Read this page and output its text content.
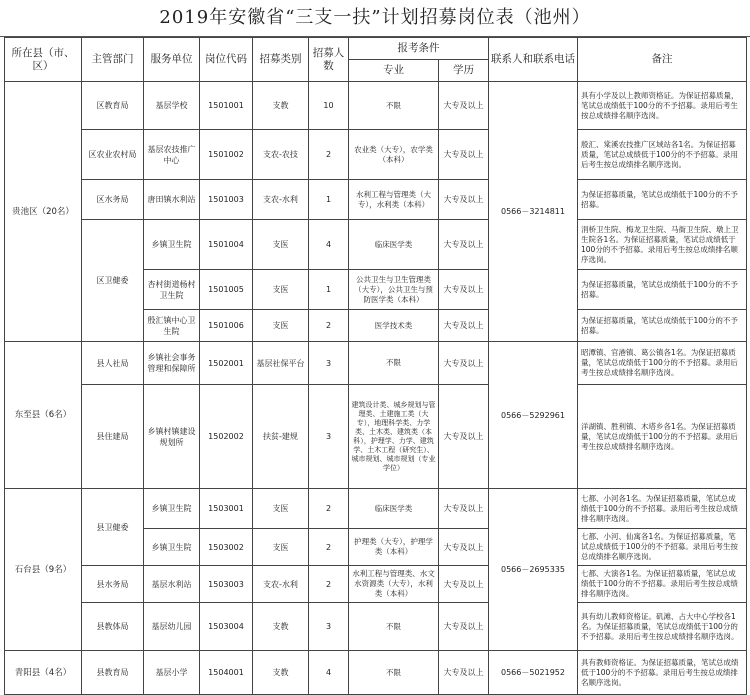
2019年安徽省“三支一扶”计划招募岗位表（池州）
所在县（市、区）	主管部门	服务单位	岗位代码	招募类别	招募人数	报考条件		联系人和联系电话	备注
						专业	学历		
贵池区（20名）	区教育局	基层学校	1501001	支教	10	不限	大专及以上	0566－3214811	具有小学及以上教师资格证。为保证招募质量，笔试总成绩低于100分的不予招募。录用后考生按总成绩排名顺序选岗。
	区农业农村局	基层农技推广中心	1501002	支农-农技	2	农业类（大专），农学类（本科）	大专及以上		殷汇、棠溪农技推广区域站各1名。为保证招募质量，笔试总成绩低于100分的不予招募。录用后考生按总成绩排名顺序选岗。
	区水务局	唐田镇水利站	1501003	支农-水利	1	水利工程与管理类（大专），水利类（本科）	大专及以上		为保证招募质量，笔试总成绩低于100分的不予招募。
	区卫健委	乡镇卫生院	1501004	支医	4	临床医学类	大专及以上		涓桥卫生院、梅龙卫生院、马衙卫生院、墩上卫生院各1名。为保证招募质量，笔试总成绩低于100分的不予招募。录用后考生按总成绩排名顺序选岗。
		杏村街道杨村卫生院	1501005	支医	1	公共卫生与卫生管理类（大专），公共卫生与预防医学类（本科）	大专及以上		为保证招募质量，笔试总成绩低于100分的不予招募。
		殷汇镇中心卫生院	1501006	支医	2	医学技术类	大专及以上		为保证招募质量，笔试总成绩低于100分的不予招募。
东至县（6名）	县人社局	乡镇社会事务管理和保障所	1502001	基层社保平台	3	不限	大专及以上	0566－5292961	昭潭镇、官港镇、葛公镇各1名。为保证招募质量，笔试总成绩低于100分的不予招募。录用后考生按总成绩排名顺序选岗。
	县住建局	乡镇村镇建设规划所	1502002	扶贫-建规	3	建筑设计类、城乡规划与管理类、土建施工类（大专），地理科学类、力学类、土木类、建筑类（本科），护理学、力学、建筑学、土木工程（研究生）、城市规划、城市规划（专业学位）	大专及以上		洋湖镇、胜利镇、木塔乡各1名。为保证招募质量，笔试总成绩低于100分的不予招募。录用后考生按总成绩排名顺序选岗。
石台县（9名）	县卫健委	乡镇卫生院	1503001	支医	2	临床医学类	大专及以上	0566－2695335	七都、小河各1名。为保证招募质量，笔试总成绩低于100分的不予招募。录用后考生按总成绩排名顺序选岗。
		乡镇卫生院	1503002	支医	2	护理类（大专），护理学类（本科）	大专及以上		七都、小河、仙寓各1名。为保证招募质量，笔试总成绩低于100分的不予招募。录用后考生按总成绩排名顺序选岗。
	县水务局	基层水利站	1503003	支农-水利	2	水利工程与管理类、水文水资源类（大专），水利类（本科）	大专及以上		七都、大演各1名。为保证招募质量，笔试总成绩低于100分的不予招募。录用后考生按总成绩排名顺序选岗。
	县教体局	基层幼儿园	1503004	支教	3	不限	大专及以上		具有幼儿教师资格证。矶滩、占大中心学校各1名。为保证招募质量，笔试总成绩低于100分的不予招募。录用后考生按总成绩排名顺序选岗。
青阳县（4名）	县教育局	基层小学	1504001	支教	4	不限	大专及以上	0566－5021952	具有教师资格证。为保证招募质量，笔试总成绩低于100分的不予招募。录用后考生按总成绩排名顺序选岗。
